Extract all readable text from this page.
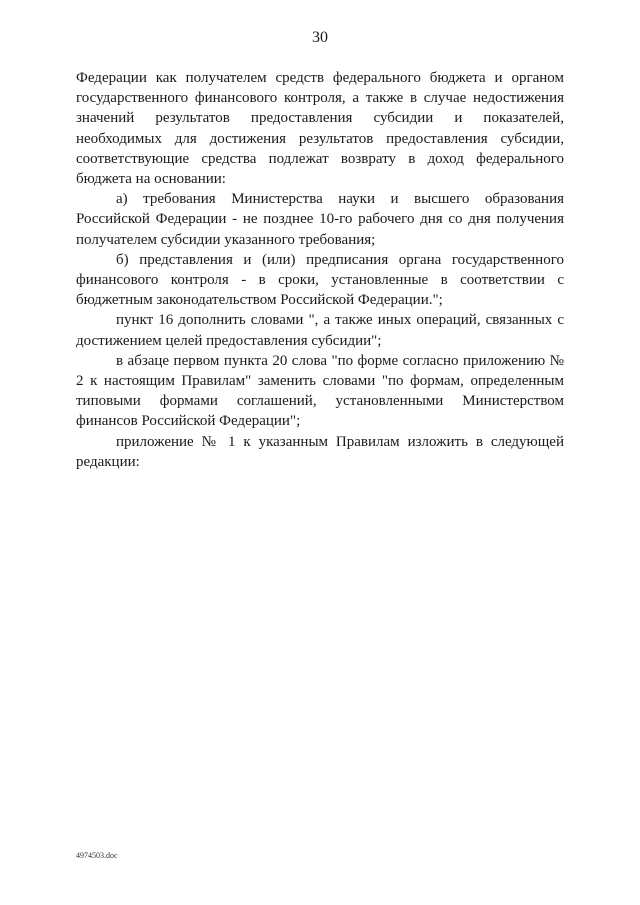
30

Федерации как получателем средств федерального бюджета и органом государственного финансового контроля, а также в случае недостижения значений результатов предоставления субсидии и показателей, необходимых для достижения результатов предоставления субсидии, соответствующие средства подлежат возврату в доход федерального бюджета на основании:

а) требования Министерства науки и высшего образования Российской Федерации - не позднее 10-го рабочего дня со дня получения получателем субсидии указанного требования;

б) представления и (или) предписания органа государственного финансового контроля - в сроки, установленные в соответствии с бюджетным законодательством Российской Федерации.";

пункт 16 дополнить словами ", а также иных операций, связанных с достижением целей предоставления субсидии";

в абзаце первом пункта 20 слова "по форме согласно приложению № 2 к настоящим Правилам" заменить словами "по формам, определенным типовыми формами соглашений, установленными Министерством финансов Российской Федерации";

приложение № 1 к указанным Правилам изложить в следующей редакции:

4974503.doc
